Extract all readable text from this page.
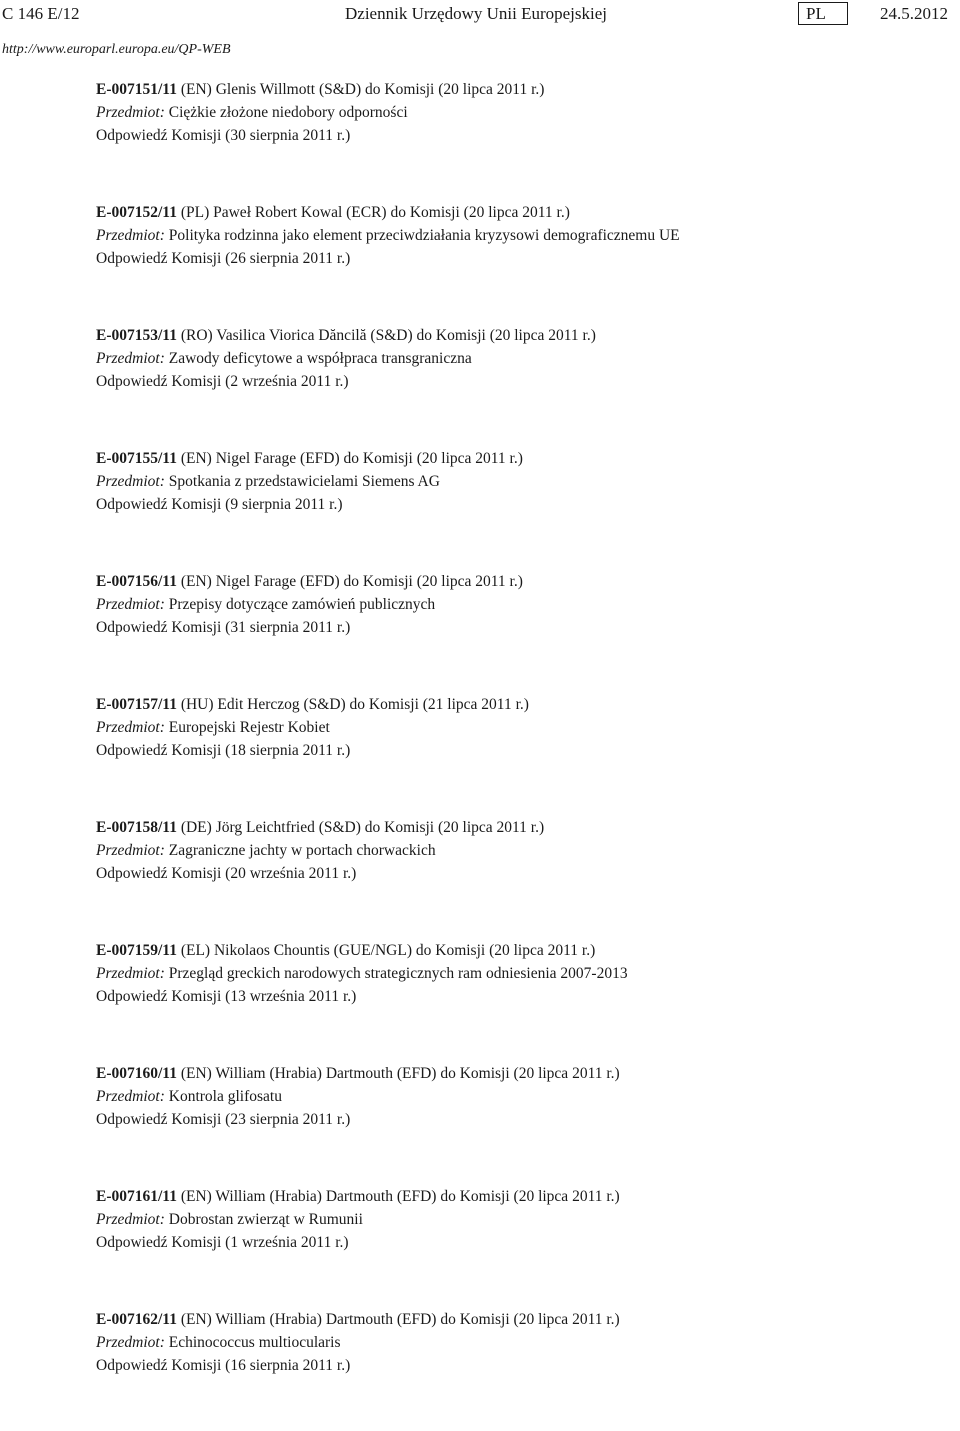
C 146 E/12	Dziennik Urzędowy Unii Europejskiej	PL	24.5.2012
http://www.europarl.europa.eu/QP-WEB
E-007151/11 (EN) Glenis Willmott (S&D) do Komisji (20 lipca 2011 r.)
Przedmiot: Ciężkie złożone niedobory odporności
Odpowiedź Komisji (30 sierpnia 2011 r.)
E-007152/11 (PL) Paweł Robert Kowal (ECR) do Komisji (20 lipca 2011 r.)
Przedmiot: Polityka rodzinna jako element przeciwdziałania kryzysowi demograficznemu UE
Odpowiedź Komisji (26 sierpnia 2011 r.)
E-007153/11 (RO) Vasilica Viorica Dăncilă (S&D) do Komisji (20 lipca 2011 r.)
Przedmiot: Zawody deficytowe a współpraca transgraniczna
Odpowiedź Komisji (2 września 2011 r.)
E-007155/11 (EN) Nigel Farage (EFD) do Komisji (20 lipca 2011 r.)
Przedmiot: Spotkania z przedstawicielami Siemens AG
Odpowiedź Komisji (9 sierpnia 2011 r.)
E-007156/11 (EN) Nigel Farage (EFD) do Komisji (20 lipca 2011 r.)
Przedmiot: Przepisy dotyczące zamówień publicznych
Odpowiedź Komisji (31 sierpnia 2011 r.)
E-007157/11 (HU) Edit Herczog (S&D) do Komisji (21 lipca 2011 r.)
Przedmiot: Europejski Rejestr Kobiet
Odpowiedź Komisji (18 sierpnia 2011 r.)
E-007158/11 (DE) Jörg Leichtfried (S&D) do Komisji (20 lipca 2011 r.)
Przedmiot: Zagraniczne jachty w portach chorwackich
Odpowiedź Komisji (20 września 2011 r.)
E-007159/11 (EL) Nikolaos Chountis (GUE/NGL) do Komisji (20 lipca 2011 r.)
Przedmiot: Przegląd greckich narodowych strategicznych ram odniesienia 2007-2013
Odpowiedź Komisji (13 września 2011 r.)
E-007160/11 (EN) William (Hrabia) Dartmouth (EFD) do Komisji (20 lipca 2011 r.)
Przedmiot: Kontrola glifosatu
Odpowiedź Komisji (23 sierpnia 2011 r.)
E-007161/11 (EN) William (Hrabia) Dartmouth (EFD) do Komisji (20 lipca 2011 r.)
Przedmiot: Dobrostan zwierząt w Rumunii
Odpowiedź Komisji (1 września 2011 r.)
E-007162/11 (EN) William (Hrabia) Dartmouth (EFD) do Komisji (20 lipca 2011 r.)
Przedmiot: Echinococcus multiocularis
Odpowiedź Komisji (16 sierpnia 2011 r.)
